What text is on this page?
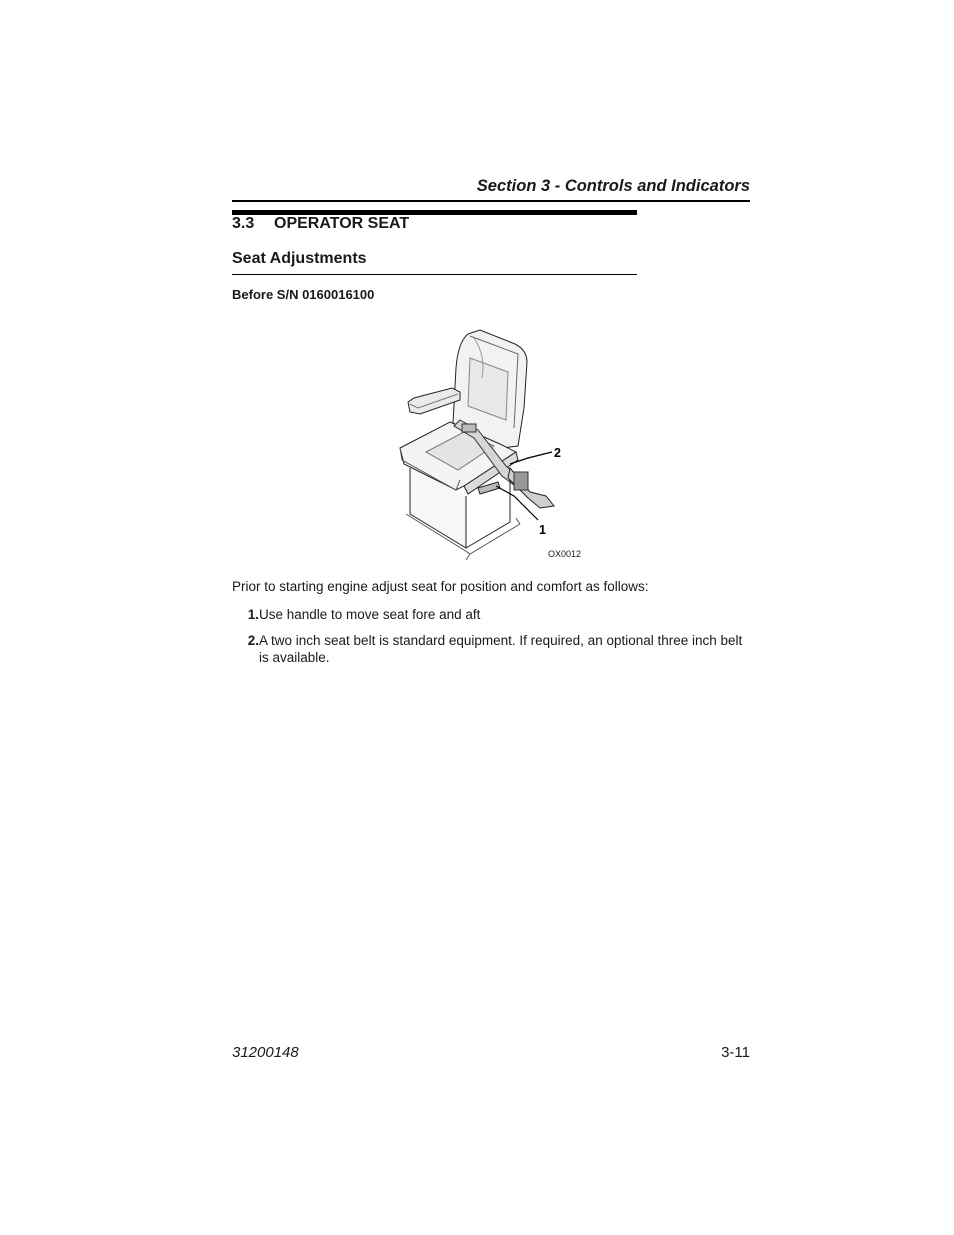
Section 3 - Controls and Indicators
3.3 OPERATOR SEAT
Seat Adjustments
Before S/N 0160016100
2
1
OX0012
Prior to starting engine adjust seat for position and comfort as follows:
1. Use handle to move seat fore and aft
2. A two inch seat belt is standard equipment. If required, an optional three inch belt is available.
31200148	3-11
